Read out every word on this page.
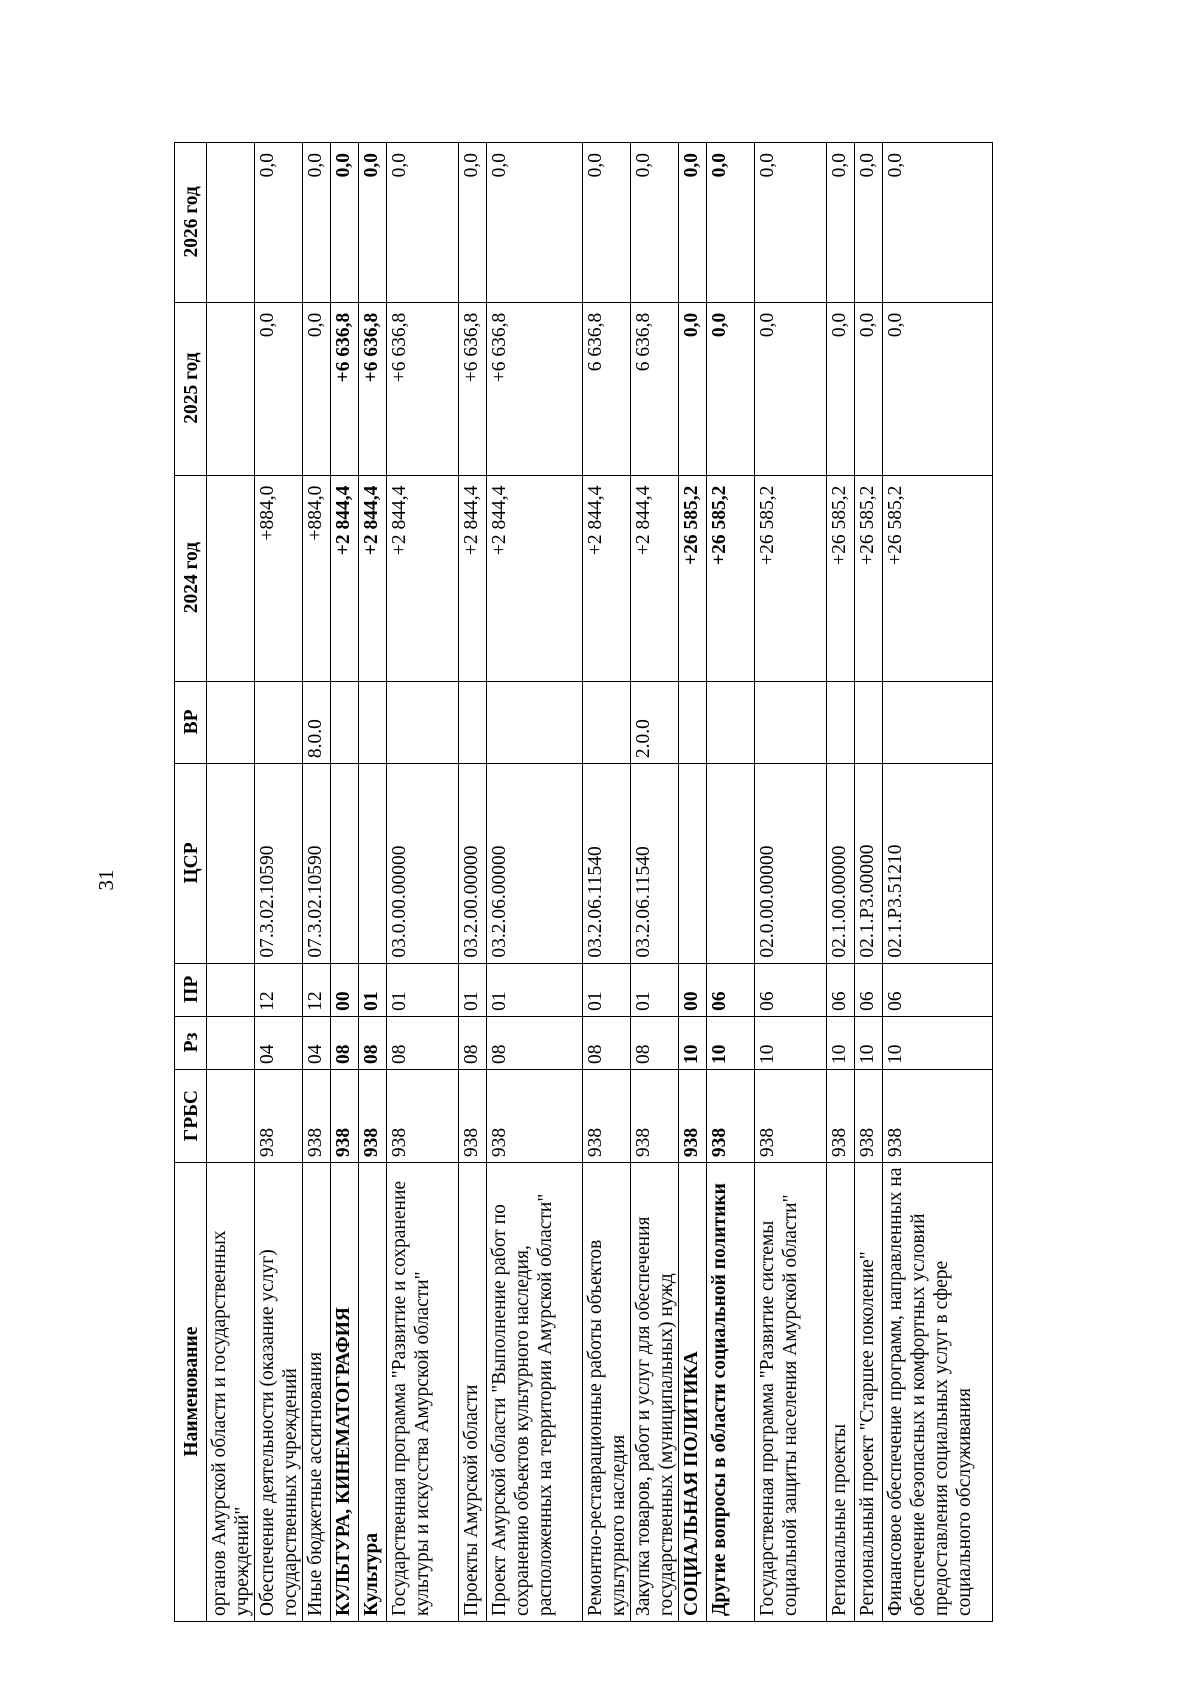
31
Наименование	ГРБС	Рз	ПР	ЦСР	ВР	2024 год	2025 год	2026 год
органов Амурской области и государственных учреждений"								
Обеспечение деятельности (оказание услуг) государственных учреждений	938	04	12	07.3.02.10590		+884,0	0,0	0,0
Иные бюджетные ассигнования	938	04	12	07.3.02.10590	8.0.0	+884,0	0,0	0,0
КУЛЬТУРА, КИНЕМАТОГРАФИЯ	938	08	00			+2 844,4	+6 636,8	0,0
Культура	938	08	01			+2 844,4	+6 636,8	0,0
Государственная программа "Развитие и сохранение культуры и искусства Амурской области"	938	08	01	03.0.00.00000		+2 844,4	+6 636,8	0,0
Проекты Амурской области	938	08	01	03.2.00.00000		+2 844,4	+6 636,8	0,0
Проект Амурской области "Выполнение работ по сохранению объектов культурного наследия, расположенных на территории Амурской области"	938	08	01	03.2.06.00000		+2 844,4	+6 636,8	0,0
Ремонтно-реставрационные работы объектов культурного наследия	938	08	01	03.2.06.11540		+2 844,4	6 636,8	0,0
Закупка товаров, работ и услуг для обеспечения государственных (муниципальных) нужд	938	08	01	03.2.06.11540	2.0.0	+2 844,4	6 636,8	0,0
СОЦИАЛЬНАЯ ПОЛИТИКА	938	10	00			+26 585,2	0,0	0,0
Другие вопросы в области социальной политики	938	10	06			+26 585,2	0,0	0,0
Государственная программа "Развитие системы социальной защиты населения Амурской области"	938	10	06	02.0.00.00000		+26 585,2	0,0	0,0
Региональные проекты	938	10	06	02.1.00.00000		+26 585,2	0,0	0,0
Региональный проект "Старшее поколение"	938	10	06	02.1.P3.00000		+26 585,2	0,0	0,0
Финансовое обеспечение программ, направленных на обеспечение безопасных и комфортных условий предоставления социальных услуг в сфере социального обслуживания	938	10	06	02.1.P3.51210		+26 585,2	0,0	0,0
